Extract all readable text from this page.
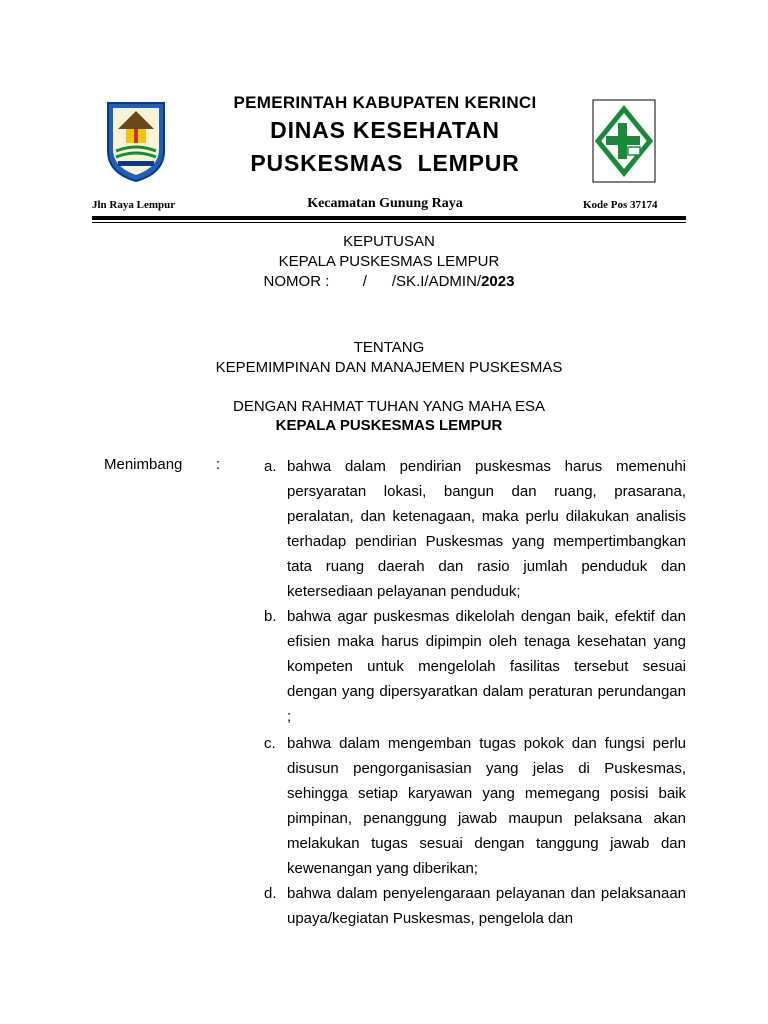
PEMERINTAH KABUPATEN KERINCI
DINAS KESEHATAN
PUSKESMAS  LEMPUR
Jln Raya Lempur	Kecamatan Gunung Raya	Kode Pos 37174
KEPUTUSAN
KEPALA PUSKESMAS LEMPUR
NOMOR :        /      /SK.I/ADMIN/2023
TENTANG
KEPEMIMPINAN DAN MANAJEMEN PUSKESMAS
DENGAN RAHMAT TUHAN YANG MAHA ESA
KEPALA PUSKESMAS LEMPUR
Menimbang :	a. bahwa dalam pendirian puskesmas harus memenuhi persyaratan lokasi, bangun dan ruang, prasarana, peralatan, dan ketenagaan, maka perlu dilakukan analisis terhadap pendirian Puskesmas yang mempertimbangkan tata ruang daerah dan rasio jumlah penduduk dan ketersediaan pelayanan penduduk;
b. bahwa agar puskesmas dikelolah dengan baik, efektif dan efisien maka harus dipimpin oleh tenaga kesehatan yang kompeten untuk mengelolah fasilitas tersebut sesuai dengan yang dipersyaratkan dalam peraturan perundangan ;
c. bahwa dalam mengemban tugas pokok dan fungsi perlu disusun pengorganisasian yang jelas di Puskesmas, sehingga setiap karyawan yang memegang posisi baik pimpinan, penanggung jawab maupun pelaksana akan melakukan tugas sesuai dengan tanggung jawab dan kewenangan yang diberikan;
d. bahwa dalam penyelengaraan pelayanan dan pelaksanaan upaya/kegiatan Puskesmas, pengelola dan
